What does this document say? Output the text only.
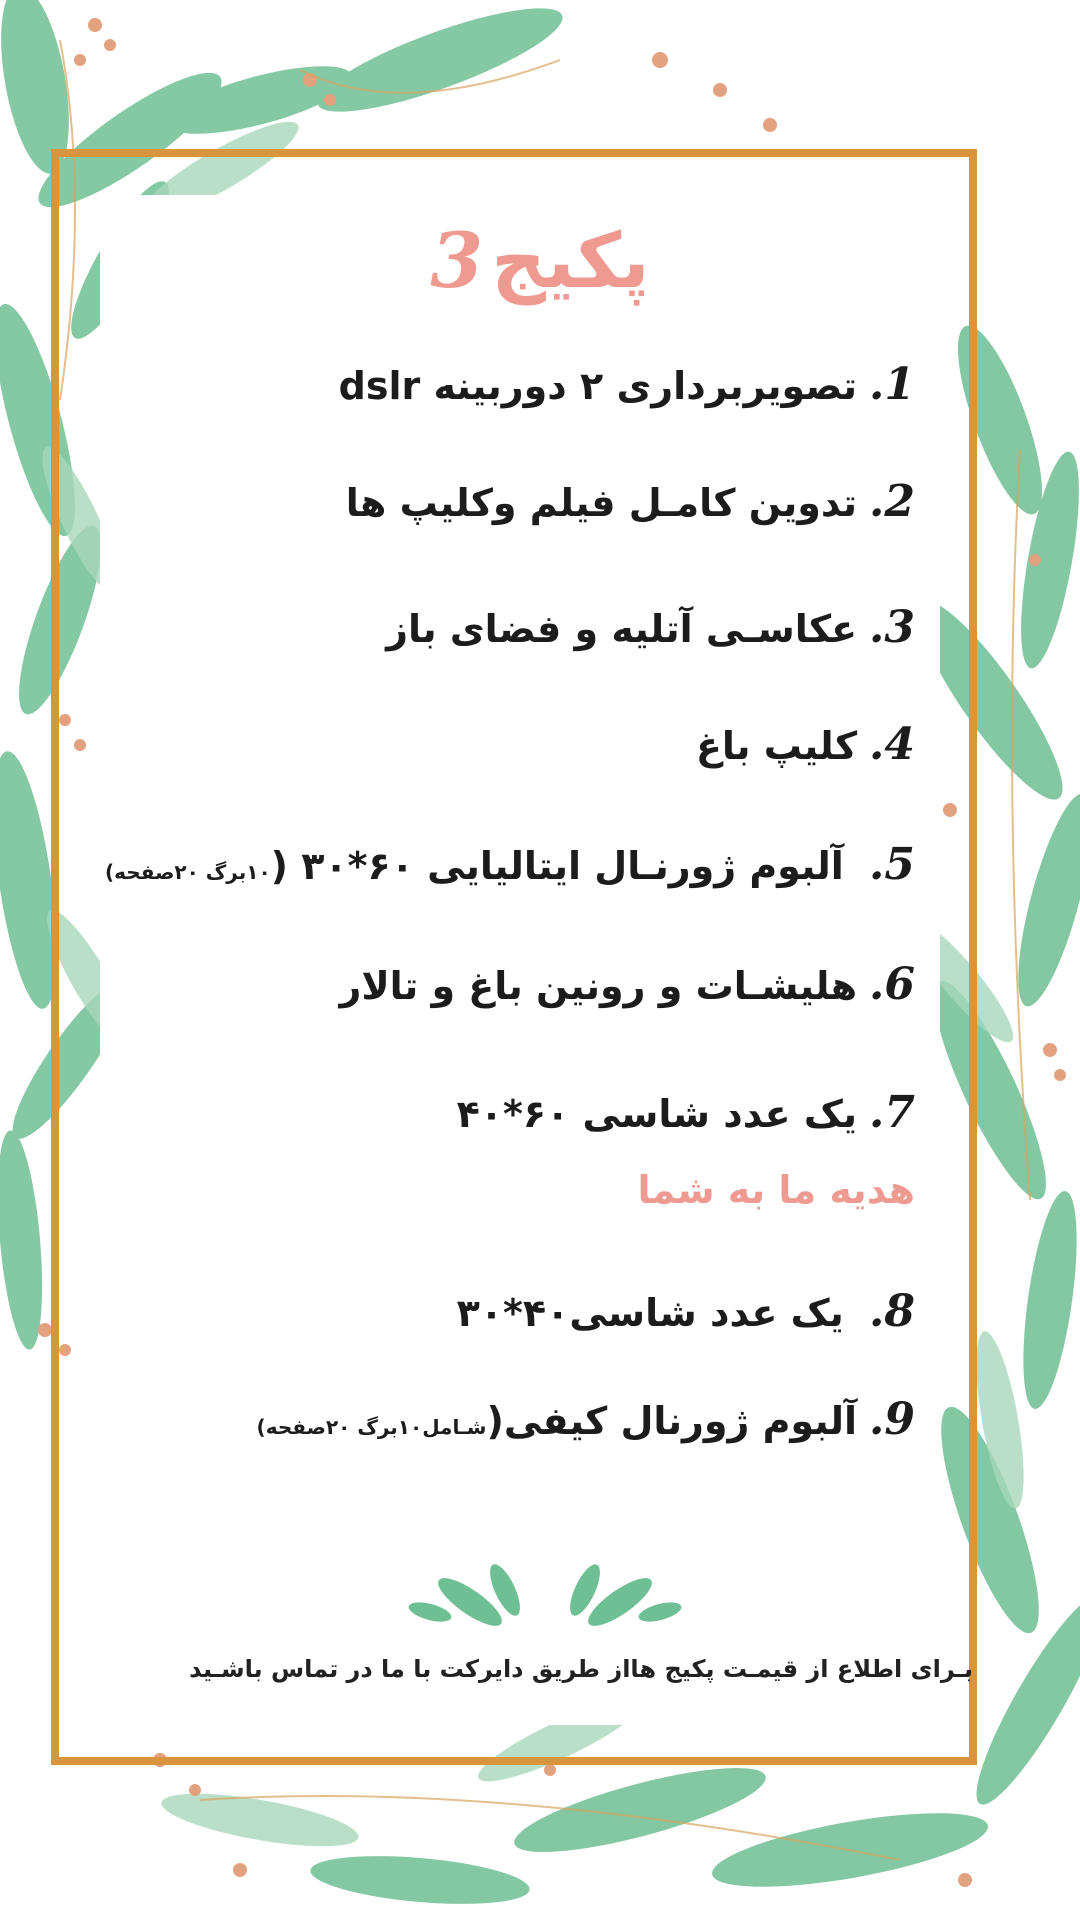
پکیج
3
1.تصویربرداری ۲ دوربینه dslr
2.تدوین کامـل فیلم وکلیپ ها
3.عکاسـی آتلیه و فضای باز
4.کلیپ باغ
5. آلبوم ژورنـال ایتالیایی ۶۰*۳۰ (۱۰برگ ۲۰صفحه)
6.هلیشـات و رونین باغ و تالار
7.یک عدد شاسی ۶۰*۴۰
هدیه ما به شما
8. یک عدد شاسی۴۰*۳۰
9.آلبوم ژورنال کیفی(شـامل۱۰برگ ۲۰صفحه)
بـرای اطلاع از قیمـت پکیج هااز طریق دایرکت با ما در تماس باشـید
